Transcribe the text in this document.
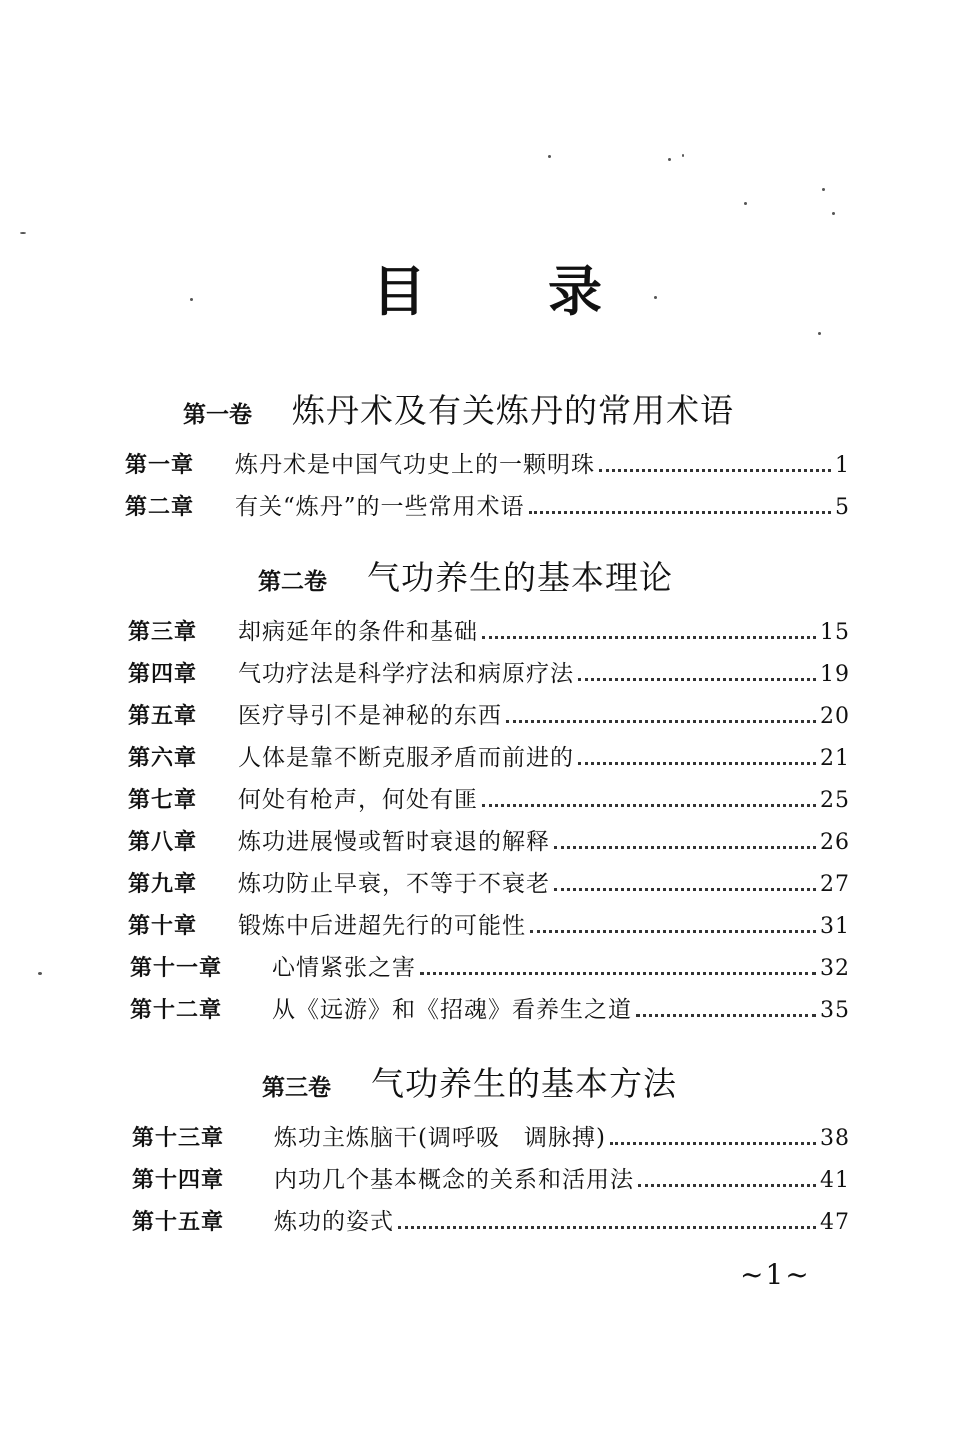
目 录
第一卷 炼丹术及有关炼丹的常用术语
第一章	炼丹术是中国气功史上的一颗明珠	1
第二章	有关“炼丹”的一些常用术语	5
第二卷 气功养生的基本理论
第三章	却病延年的条件和基础	15
第四章	气功疗法是科学疗法和病原疗法	19
第五章	医疗导引不是神秘的东西	20
第六章	人体是靠不断克服矛盾而前进的	21
第七章	何处有枪声，何处有匪	25
第八章	炼功进展慢或暂时衰退的解释	26
第九章	炼功防止早衰，不等于不衰老	27
第十章	锻炼中后进超先行的可能性	31
第十一章	心情紧张之害	32
第十二章	从《远游》和《招魂》看养生之道	35
第三卷 气功养生的基本方法
第十三章	炼功主炼脑干(调呼吸　调脉搏)	38
第十四章	内功几个基本概念的关系和活用法	41
第十五章	炼功的姿式	47
~1~
